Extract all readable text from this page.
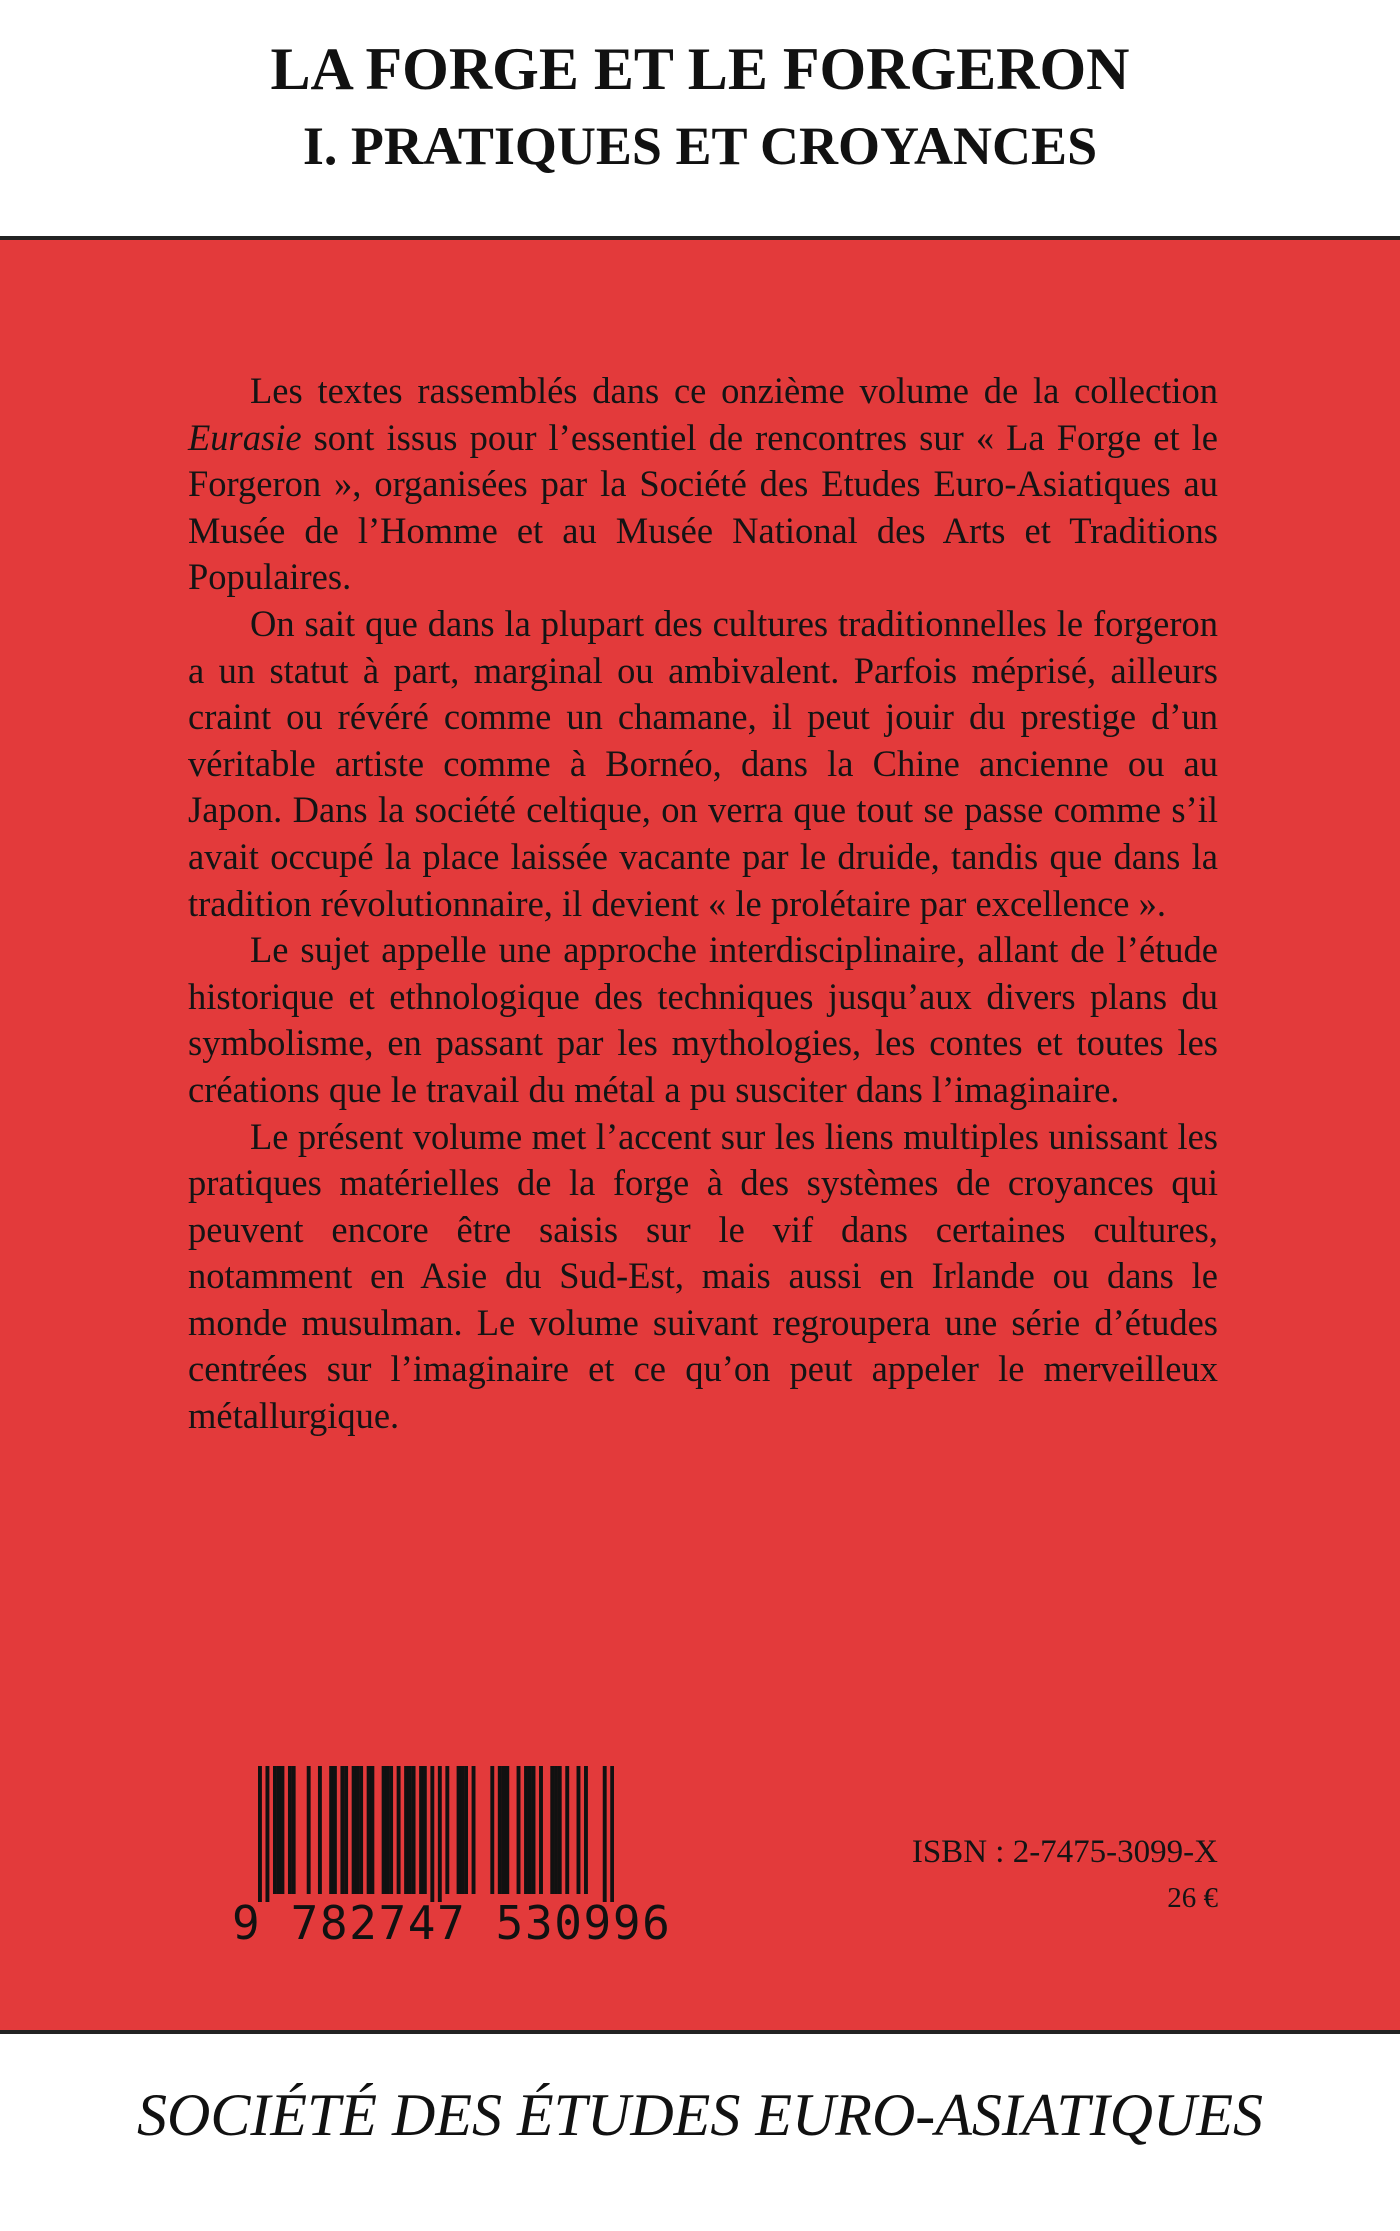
LA FORGE ET LE FORGERON
I. PRATIQUES ET CROYANCES

Les textes rassemblés dans ce onzième volume de la collection Eurasie sont issus pour l’essentiel de rencontres sur « La Forge et le Forgeron », organisées par la Société des Etudes Euro-Asiatiques au Musée de l’Homme et au Musée National des Arts et Traditions Populaires.

On sait que dans la plupart des cultures traditionnelles le forgeron a un statut à part, marginal ou ambivalent. Parfois méprisé, ailleurs craint ou révéré comme un chamane, il peut jouir du prestige d’un véritable artiste comme à Bornéo, dans la Chine ancienne ou au Japon. Dans la société celtique, on verra que tout se passe comme s’il avait occupé la place laissée vacante par le druide, tandis que dans la tradition révolutionnaire, il devient « le prolétaire par excellence ».

Le sujet appelle une approche interdisciplinaire, allant de l’étude historique et ethnologique des techniques jusqu’aux divers plans du symbolisme, en passant par les mythologies, les contes et toutes les créations que le travail du métal a pu susciter dans l’imaginaire.

Le présent volume met l’accent sur les liens multiples unissant les pratiques matérielles de la forge à des systèmes de croyances qui peuvent encore être saisis sur le vif dans certaines cultures, notamment en Asie du Sud-Est, mais aussi en Irlande ou dans le monde musulman. Le volume suivant regroupera une série d’études centrées sur l’imaginaire et ce qu’on peut appeler le merveilleux métallurgique.

9 782747 530996
ISBN : 2-7475-3099-X
26 €
SOCIÉTÉ DES ÉTUDES EURO-ASIATIQUES
